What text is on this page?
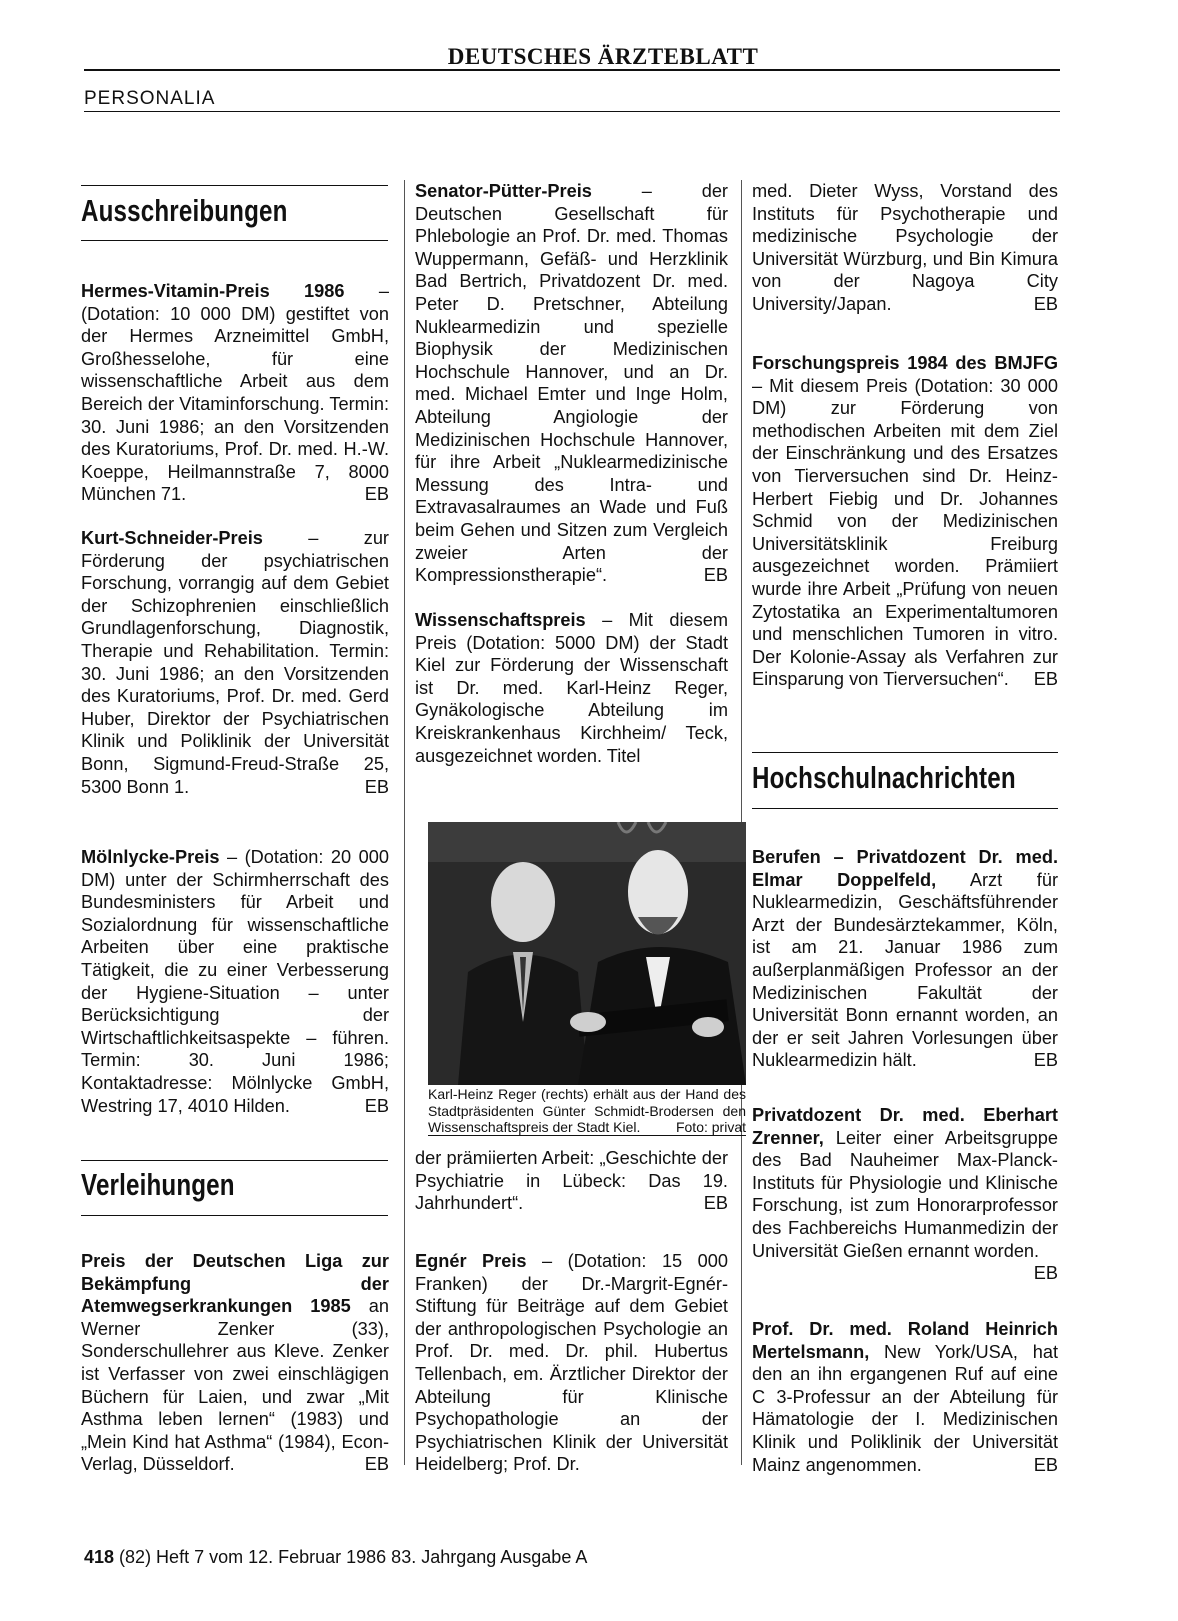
DEUTSCHES ÄRZTEBLATT
PERSONALIA
Ausschreibungen

Hermes-Vitamin-Preis 1986 – (Dotation: 10 000 DM) gestiftet von der Hermes Arzneimittel GmbH, Großhesselohe, für eine wissenschaftliche Arbeit aus dem Bereich der Vitaminforschung. Termin: 30. Juni 1986; an den Vorsitzenden des Kuratoriums, Prof. Dr. med. H.-W. Koeppe, Heilmannstraße 7, 8000 München 71.	EB

Kurt-Schneider-Preis – zur Förderung der psychiatrischen Forschung, vorrangig auf dem Gebiet der Schizophrenien einschließlich Grundlagenforschung, Diagnostik, Therapie und Rehabilitation. Termin: 30. Juni 1986; an den Vorsitzenden des Kuratoriums, Prof. Dr. med. Gerd Huber, Direktor der Psychiatrischen Klinik und Poliklinik der Universität Bonn, Sigmund-Freud-Straße 25, 5300 Bonn 1.	EB

Mölnlycke-Preis – (Dotation: 20 000 DM) unter der Schirmherrschaft des Bundesministers für Arbeit und Sozialordnung für wissenschaftliche Arbeiten über eine praktische Tätigkeit, die zu einer Verbesserung der Hygiene-Situation – unter Berücksichtigung der Wirtschaftlichkeitsaspekte – führen. Termin: 30. Juni 1986; Kontaktadresse: Mölnlycke GmbH, Westring 17, 4010 Hilden.	EB

Verleihungen

Preis der Deutschen Liga zur Bekämpfung der Atemwegserkrankungen 1985 an Werner Zenker (33), Sonderschullehrer aus Kleve. Zenker ist Verfasser von zwei einschlägigen Büchern für Laien, und zwar „Mit Asthma leben lernen“ (1983) und „Mein Kind hat Asthma“ (1984), Econ-Verlag, Düsseldorf.	EB

Senator-Pütter-Preis – der Deutschen Gesellschaft für Phlebologie an Prof. Dr. med. Thomas Wuppermann, Gefäß- und Herzklinik Bad Bertrich, Privatdozent Dr. med. Peter D. Pretschner, Abteilung Nuklearmedizin und spezielle Biophysik der Medizinischen Hochschule Hannover, und an Dr. med. Michael Emter und Inge Holm, Abteilung Angiologie der Medizinischen Hochschule Hannover, für ihre Arbeit „Nuklearmedizinische Messung des Intra- und Extravasalraumes an Wade und Fuß beim Gehen und Sitzen zum Vergleich zweier Arten der Kompressionstherapie“.	EB

Wissenschaftspreis – Mit diesem Preis (Dotation: 5000 DM) der Stadt Kiel zur Förderung der Wissenschaft ist Dr. med. Karl-Heinz Reger, Gynäkologische Abteilung im Kreiskrankenhaus Kirchheim/ Teck, ausgezeichnet worden. Titel

Karl-Heinz Reger (rechts) erhält aus der Hand des Stadtpräsidenten Günter Schmidt-Brodersen den Wissenschaftspreis der Stadt Kiel.	Foto: privat

der prämiierten Arbeit: „Geschichte der Psychiatrie in Lübeck: Das 19. Jahrhundert“.	EB

Egnér Preis – (Dotation: 15 000 Franken) der Dr.-Margrit-Egnér-Stiftung für Beiträge auf dem Gebiet der anthropologischen Psychologie an Prof. Dr. med. Dr. phil. Hubertus Tellenbach, em. Ärztlicher Direktor der Abteilung für Klinische Psychopathologie an der Psychiatrischen Klinik der Universität Heidelberg; Prof. Dr.

med. Dieter Wyss, Vorstand des Instituts für Psychotherapie und medizinische Psychologie der Universität Würzburg, und Bin Kimura von der Nagoya City University/Japan.	EB

Forschungspreis 1984 des BMJFG – Mit diesem Preis (Dotation: 30 000 DM) zur Förderung von methodischen Arbeiten mit dem Ziel der Einschränkung und des Ersatzes von Tierversuchen sind Dr. Heinz-Herbert Fiebig und Dr. Johannes Schmid von der Medizinischen Universitätsklinik Freiburg ausgezeichnet worden. Prämiiert wurde ihre Arbeit „Prüfung von neuen Zytostatika an Experimentaltumoren und menschlichen Tumoren in vitro. Der Kolonie-Assay als Verfahren zur Einsparung von Tierversuchen“. EB

Hochschulnachrichten

Berufen – Privatdozent Dr. med. Elmar Doppelfeld, Arzt für Nuklearmedizin, Geschäftsführender Arzt der Bundesärztekammer, Köln, ist am 21. Januar 1986 zum außerplanmäßigen Professor an der Medizinischen Fakultät der Universität Bonn ernannt worden, an der er seit Jahren Vorlesungen über Nuklearmedizin hält.	EB

Privatdozent Dr. med. Eberhart Zrenner, Leiter einer Arbeitsgruppe des Bad Nauheimer Max-Planck-Instituts für Physiologie und Klinische Forschung, ist zum Honorarprofessor des Fachbereichs Humanmedizin der Universität Gießen ernannt worden.
EB

Prof. Dr. med. Roland Heinrich Mertelsmann, New York/USA, hat den an ihn ergangenen Ruf auf eine C 3-Professur an der Abteilung für Hämatologie der I. Medizinischen Klinik und Poliklinik der Universität Mainz angenommen.	EB

418 (82) Heft 7 vom 12. Februar 1986 83. Jahrgang Ausgabe A
